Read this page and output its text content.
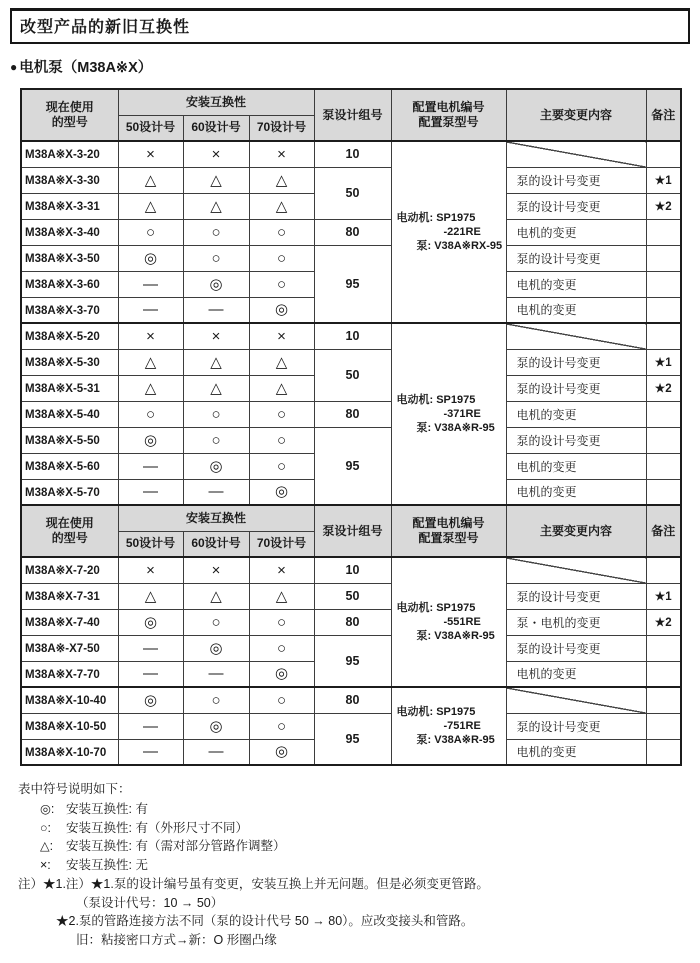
改型产品的新旧互换性
● 电机泵（M38A※X）
现在使用
的型号	安装互换性			泵设计组号	配置电机编号
配置泵型号	主要变更内容	备注
	50设计号	60设计号	70设计号				
M38A※X-3-20	×	×	×	10	电动机: SP1975
-221RE
泵: V38A※RX-95		

M38A※X-3-30	△	△	△	50		泵的设计号变更	★1
M38A※X-3-31	△	△	△			泵的设计号变更	★2
M38A※X-3-40	○	○	○	80		电机的变更	
M38A※X-3-50	◎	○	○	95		泵的设计号变更	
M38A※X-3-60	—	◎	○			电机的变更	
M38A※X-3-70	—	—	◎			电机的变更	
M38A※X-5-20	×	×	×	10	电动机: SP1975
-371RE
泵: V38A※R-95		

M38A※X-5-30	△	△	△	50		泵的设计号变更	★1
M38A※X-5-31	△	△	△			泵的设计号变更	★2
M38A※X-5-40	○	○	○	80		电机的变更	
M38A※X-5-50	◎	○	○	95		泵的设计号变更	
M38A※X-5-60	—	◎	○			电机的变更	
M38A※X-5-70	—	—	◎			电机的变更	
现在使用
的型号	安装互换性			泵设计组号	配置电机编号
配置泵型号	主要变更内容	备注
	50设计号	60设计号	70设计号				
M38A※X-7-20	×	×	×	10	电动机: SP1975
-551RE
泵: V38A※R-95		

M38A※X-7-31	△	△	△	50		泵的设计号变更	★1
M38A※X-7-40	◎	○	○	80		泵・电机的变更	★2
M38A※-X7-50	—	◎	○	95		泵的设计号变更	
M38A※X-7-70	—	—	◎			电机的变更	
M38A※X-10-40	◎	○	○	80	电动机: SP1975
-751RE
泵: V38A※R-95		

M38A※X-10-50	—	◎	○	95		泵的设计号变更	
M38A※X-10-70	—	—	◎			电机的变更	
表中符号说明如下：
◎: 安装互换性: 有
○:	安装互换性: 有（外形尺寸不同）
△:	安装互换性: 有（需对部分管路作调整）
×:	安装互换性: 无
注）★1.注）★1.泵的设计编号虽有变更，安装互换上并无问题。但是必须变更管路。
（泵设计代号：10 → 50）
★2.泵的管路连接方法不同（泵的设计代号 50 → 80）。应改变接头和管路。
旧：粘接密口方式→新：O 形圈凸缘
